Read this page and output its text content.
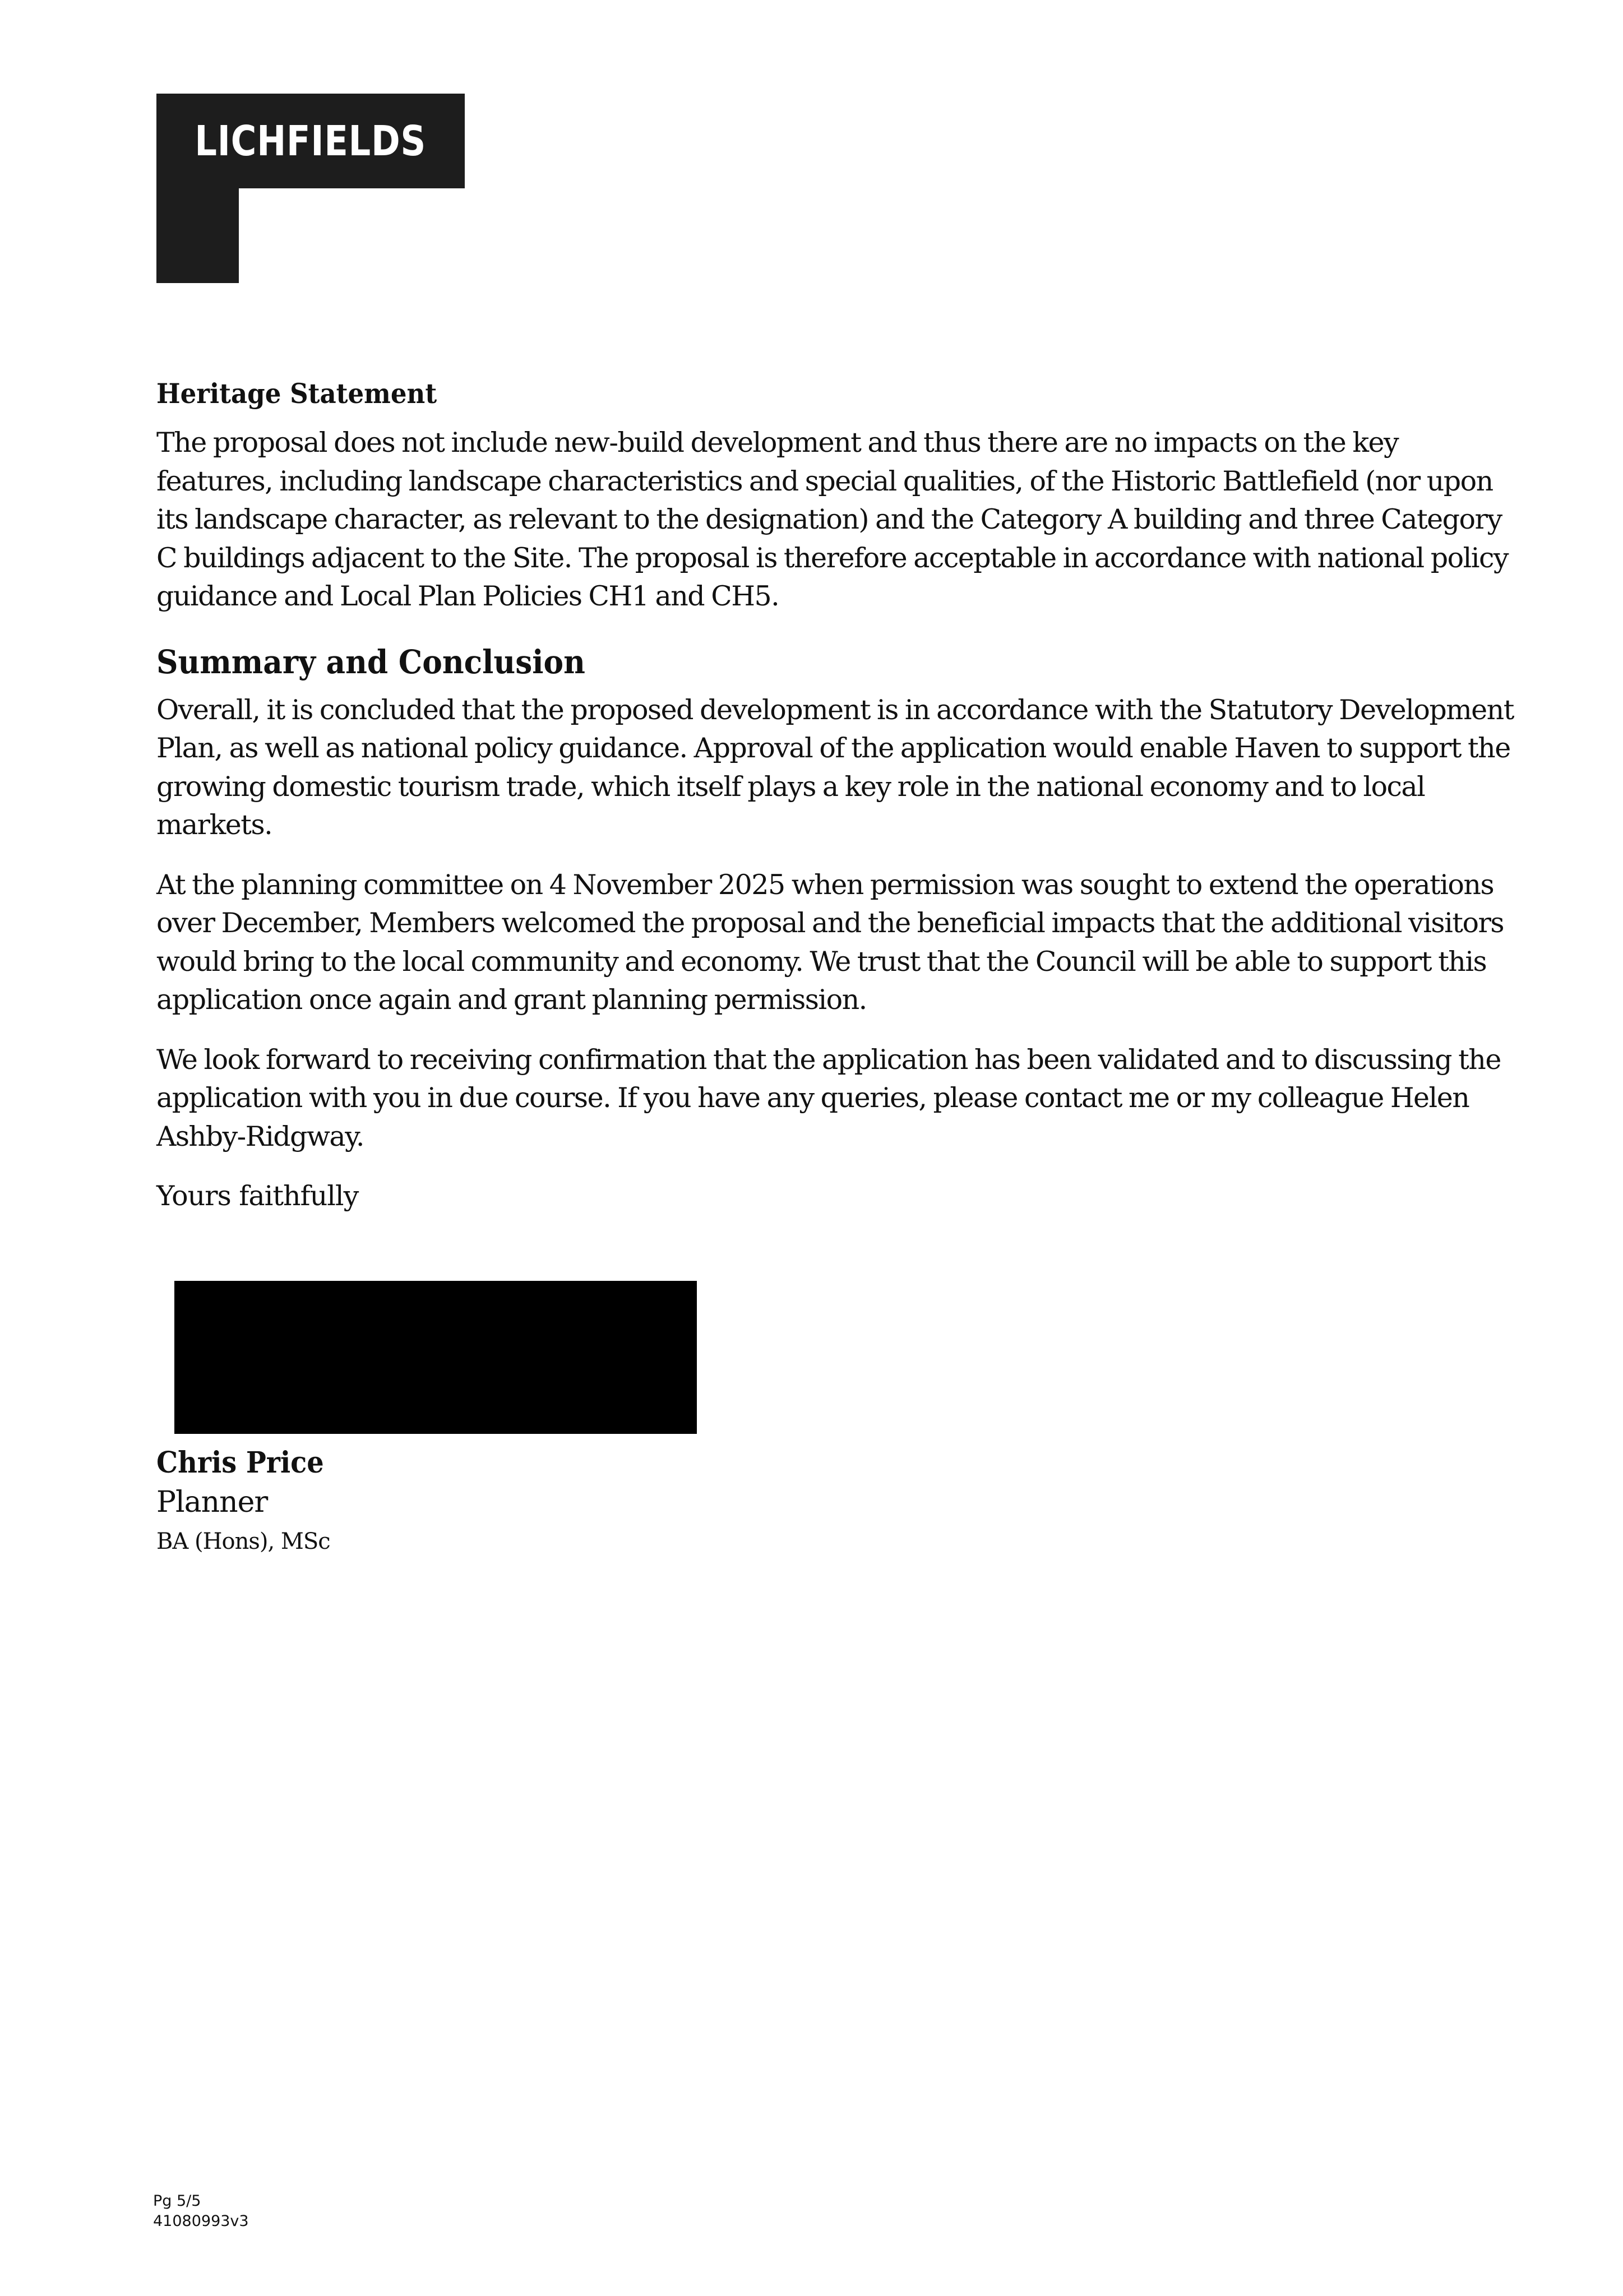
LICHFIELDS
Heritage Statement
The proposal does not include new-build development and thus there are no impacts on the key
features, including landscape characteristics and special qualities, of the Historic Battlefield (nor upon
its landscape character, as relevant to the designation) and the Category A building and three Category
C buildings adjacent to the Site. The proposal is therefore acceptable in accordance with national policy
guidance and Local Plan Policies CH1 and CH5.
Summary and Conclusion
Overall, it is concluded that the proposed development is in accordance with the Statutory Development
Plan, as well as national policy guidance. Approval of the application would enable Haven to support the
growing domestic tourism trade, which itself plays a key role in the national economy and to local
markets.
At the planning committee on 4 November 2025 when permission was sought to extend the operations
over December, Members welcomed the proposal and the beneficial impacts that the additional visitors
would bring to the local community and economy. We trust that the Council will be able to support this
application once again and grant planning permission.
We look forward to receiving confirmation that the application has been validated and to discussing the
application with you in due course. If you have any queries, please contact me or my colleague Helen
Ashby-Ridgway.
Yours faithfully
Chris Price
Planner
BA (Hons), MSc
Pg 5/5
41080993v3
